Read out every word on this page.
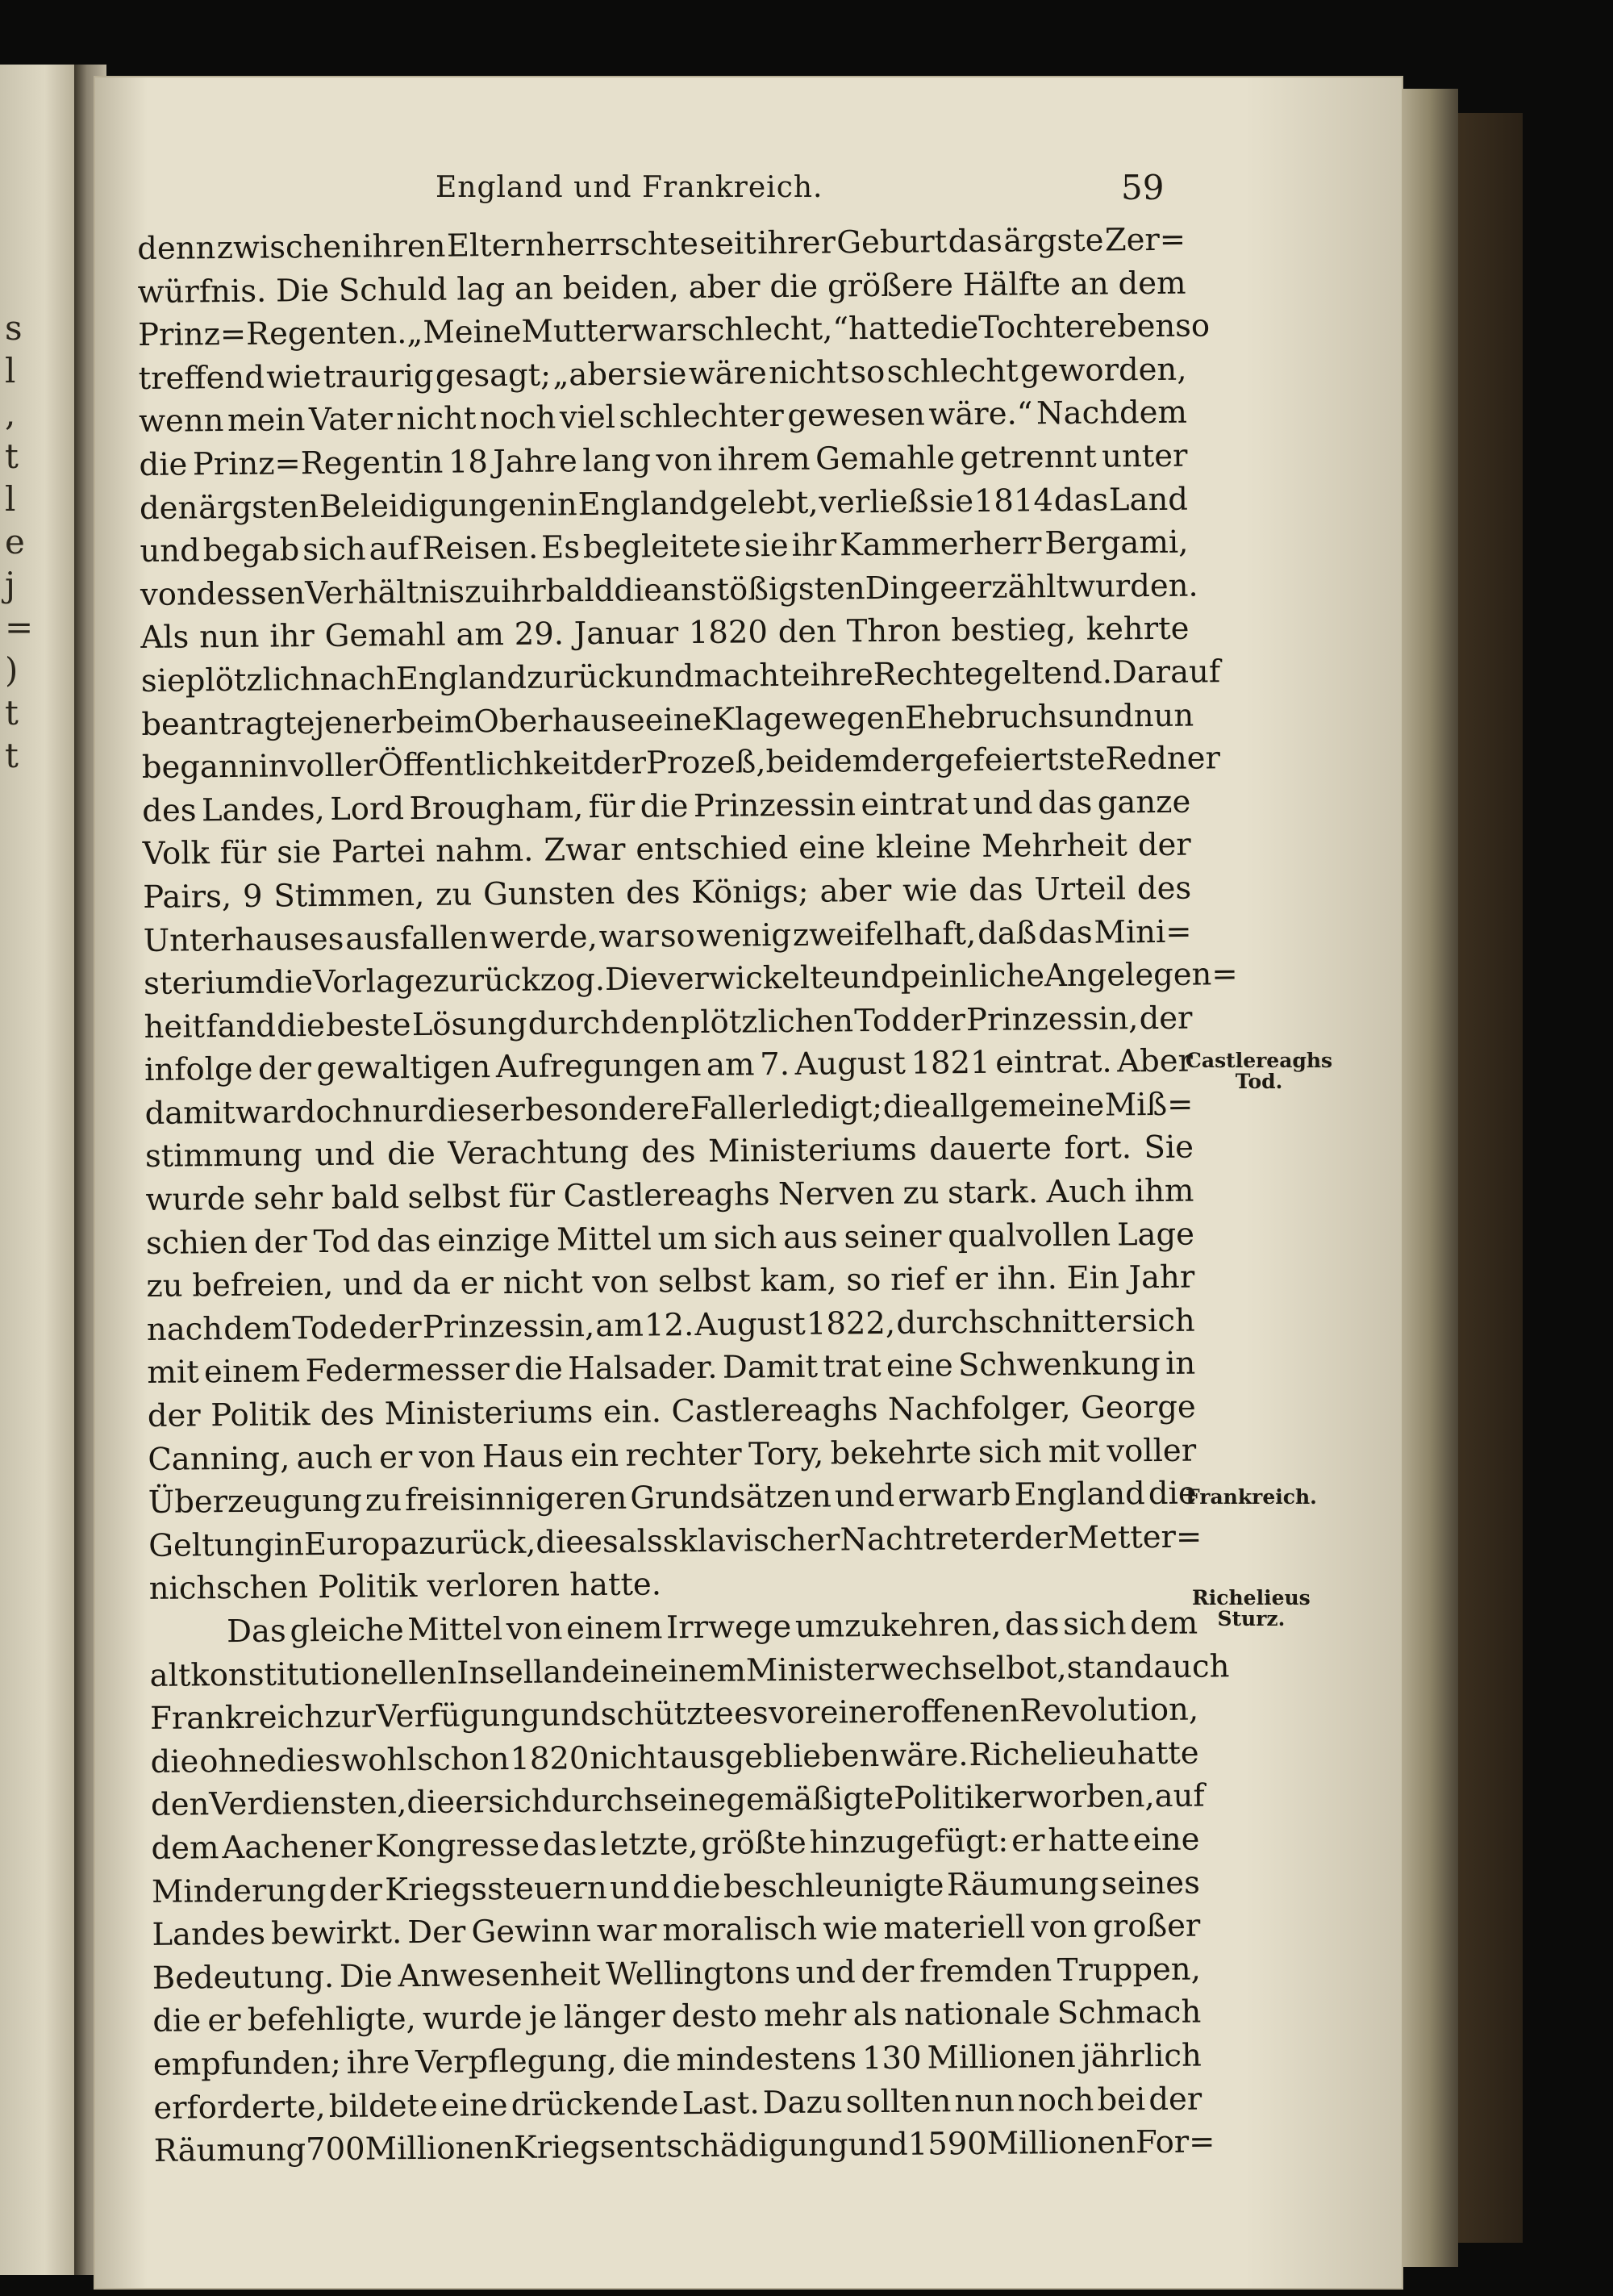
s
l
,
t
l
e
j
=
)
t
t
England und Frankreich.	59
denn zwischen ihren Eltern herrschte seit ihrer Geburt das ärgste Zer=
würfnis. Die Schuld lag an beiden, aber die größere Hälfte an dem
Prinz=Regenten. „Meine Mutter war schlecht,“ hatte die Tochter ebenso
treffend wie traurig gesagt; „aber sie wäre nicht so schlecht geworden,
wenn mein Vater nicht noch viel schlechter gewesen wäre.“ Nachdem
die Prinz=Regentin 18 Jahre lang von ihrem Gemahle getrennt unter
den ärgsten Beleidigungen in England gelebt, verließ sie 1814 das Land
und begab sich auf Reisen. Es begleitete sie ihr Kammerherr Bergami,
von dessen Verhältnis zu ihr bald die anstößigsten Dinge erzählt wurden.
Als nun ihr Gemahl am 29. Januar 1820 den Thron bestieg, kehrte
sie plötzlich nach England zurück und machte ihre Rechte geltend. Darauf
beantragte jener beim Oberhause eine Klage wegen Ehebruchs und nun
begann in voller Öffentlichkeit der Prozeß, bei dem der gefeiertste Redner
des Landes, Lord Brougham, für die Prinzessin eintrat und das ganze
Volk für sie Partei nahm. Zwar entschied eine kleine Mehrheit der
Pairs, 9 Stimmen, zu Gunsten des Königs; aber wie das Urteil des
Unterhauses ausfallen werde, war so wenig zweifelhaft, daß das Mini=
sterium die Vorlage zurückzog. Die verwickelte und peinliche Angelegen=
heit fand die beste Lösung durch den plötzlichen Tod der Prinzessin, der
infolge der gewaltigen Aufregungen am 7. August 1821 eintrat. Aber
damit war doch nur dieser besondere Fall erledigt; die allgemeine Miß=
stimmung und die Verachtung des Ministeriums dauerte fort. Sie
wurde sehr bald selbst für Castlereaghs Nerven zu stark. Auch ihm
schien der Tod das einzige Mittel um sich aus seiner qualvollen Lage
zu befreien, und da er nicht von selbst kam, so rief er ihn. Ein Jahr
nach dem Tode der Prinzessin, am 12. August 1822, durchschnitt er sich
mit einem Federmesser die Halsader. Damit trat eine Schwenkung in
der Politik des Ministeriums ein. Castlereaghs Nachfolger, George
Canning, auch er von Haus ein rechter Tory, bekehrte sich mit voller
Überzeugung zu freisinnigeren Grundsätzen und erwarb England die
Geltung in Europa zurück, die es als sklavischer Nachtreter der Metter=
nichschen Politik verloren hatte.
Das gleiche Mittel von einem Irrwege umzukehren, das sich dem
altkonstitutionellen Insellande in einem Ministerwechsel bot, stand auch
Frankreich zur Verfügung und schützte es vor einer offenen Revolution,
die ohnedies wohl schon 1820 nicht ausgeblieben wäre. Richelieu hatte
den Verdiensten, die er sich durch seine gemäßigte Politik erworben, auf
dem Aachener Kongresse das letzte, größte hinzugefügt: er hatte eine
Minderung der Kriegssteuern und die beschleunigte Räumung seines
Landes bewirkt. Der Gewinn war moralisch wie materiell von großer
Bedeutung. Die Anwesenheit Wellingtons und der fremden Truppen,
die er befehligte, wurde je länger desto mehr als nationale Schmach
empfunden; ihre Verpflegung, die mindestens 130 Millionen jährlich
erforderte, bildete eine drückende Last. Dazu sollten nun noch bei der
Räumung 700 Millionen Kriegsentschädigung und 1590 Millionen For=
Castlereaghs
Tod.
Frankreich.
Richelieus
Sturz.
